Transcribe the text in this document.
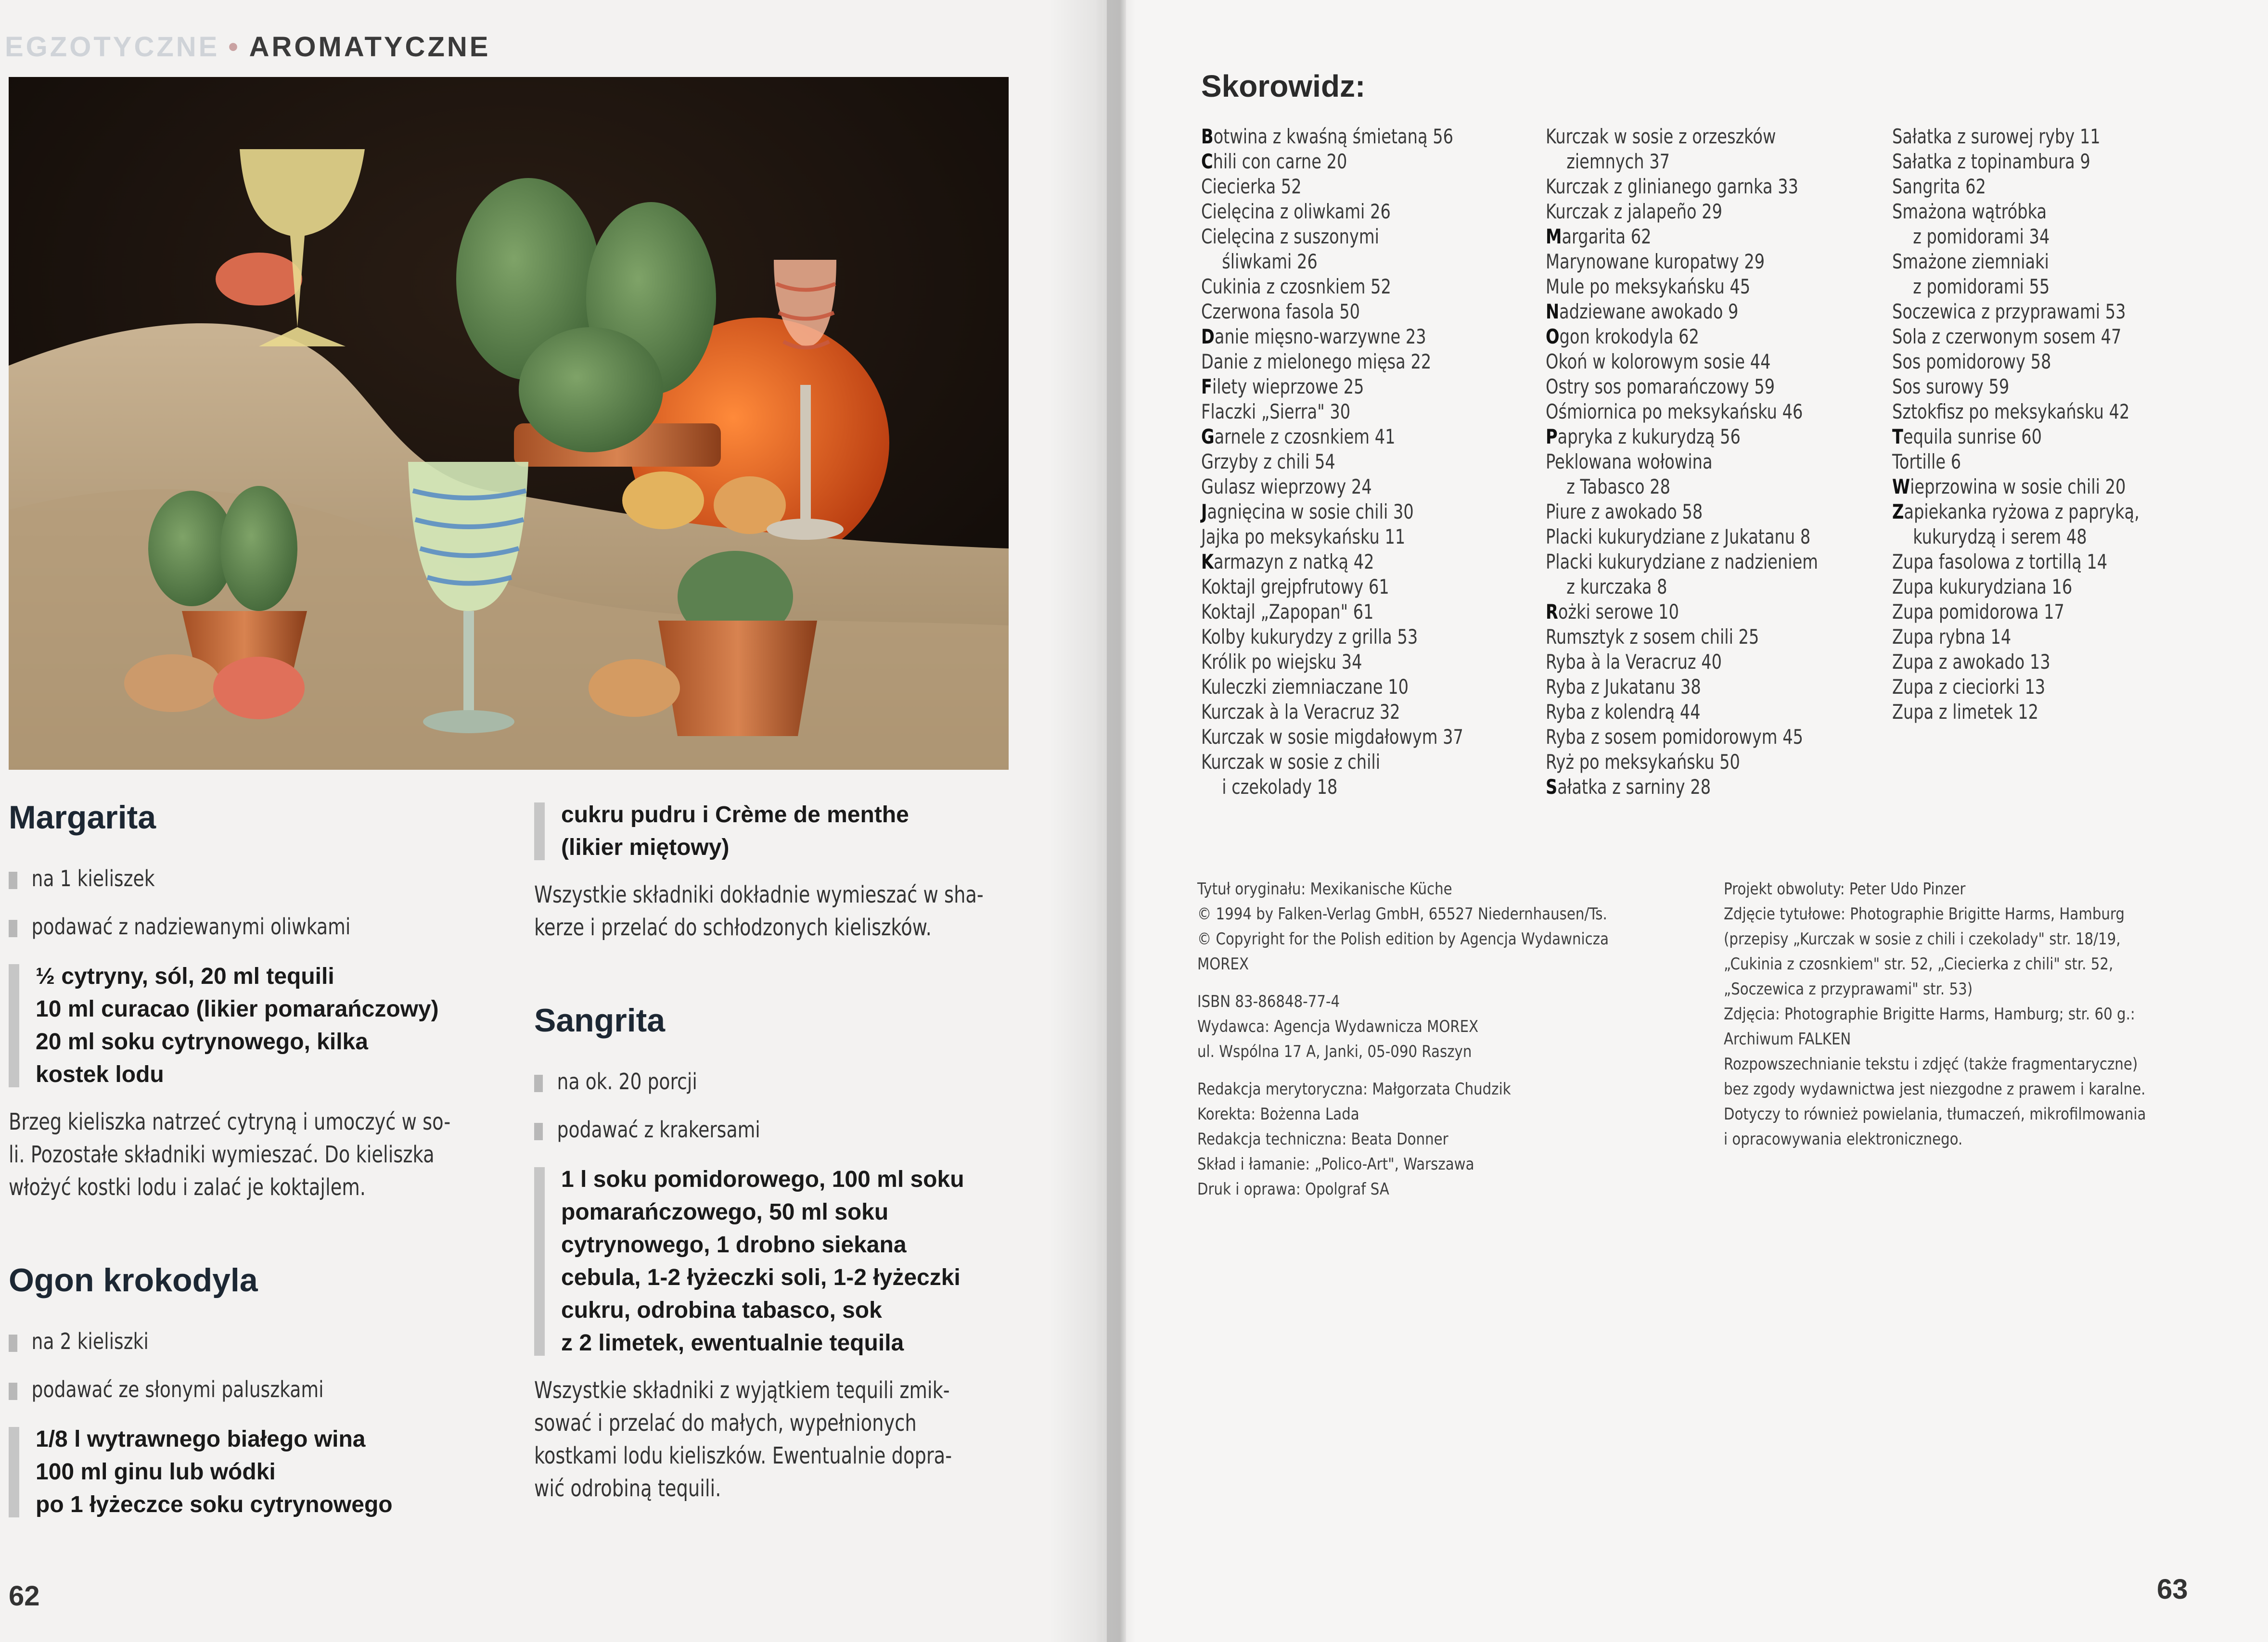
EGZOTYCZNE • AROMATYCZNE
Margarita
na 1 kieliszek
podawać z nadziewanymi oliwkami
½ cytryny, sól, 20 ml tequili
10 ml curacao (likier pomarańczowy)
20 ml soku cytrynowego, kilka
kostek lodu
Brzeg kieliszka natrzeć cytryną i umoczyć w so-
li. Pozostałe składniki wymieszać. Do kieliszka
włożyć kostki lodu i zalać je koktajlem.
Ogon krokodyla
na 2 kieliszki
podawać ze słonymi paluszkami
1/8 l wytrawnego białego wina
100 ml ginu lub wódki
po 1 łyżeczce soku cytrynowego
cukru pudru i Crème de menthe
(likier miętowy)
Wszystkie składniki dokładnie wymieszać w sha-
kerze i przelać do schłodzonych kieliszków.
Sangrita
na ok. 20 porcji
podawać z krakersami
1 l soku pomidorowego, 100 ml soku
pomarańczowego, 50 ml soku
cytrynowego, 1 drobno siekana
cebula, 1-2 łyżeczki soli, 1-2 łyżeczki
cukru, odrobina tabasco, sok
z 2 limetek, ewentualnie tequila
Wszystkie składniki z wyjątkiem tequili zmik-
sować i przelać do małych, wypełnionych
kostkami lodu kieliszków. Ewentualnie dopra-
wić odrobiną tequili.
62
Skorowidz:
Botwina z kwaśną śmietaną 56
Chili con carne 20
Ciecierka 52
Cielęcina z oliwkami 26
Cielęcina z suszonymi
śliwkami 26
Cukinia z czosnkiem 52
Czerwona fasola 50
Danie mięsno-warzywne 23
Danie z mielonego mięsa 22
Filety wieprzowe 25
Flaczki „Sierra" 30
Garnele z czosnkiem 41
Grzyby z chili 54
Gulasz wieprzowy 24
Jagnięcina w sosie chili 30
Jajka po meksykańsku 11
Karmazyn z natką 42
Koktajl grejpfrutowy 61
Koktajl „Zapopan" 61
Kolby kukurydzy z grilla 53
Królik po wiejsku 34
Kuleczki ziemniaczane 10
Kurczak à la Veracruz 32
Kurczak w sosie migdałowym 37
Kurczak w sosie z chili
i czekolady 18
Kurczak w sosie z orzeszków
ziemnych 37
Kurczak z glinianego garnka 33
Kurczak z jalapeño 29
Margarita 62
Marynowane kuropatwy 29
Mule po meksykańsku 45
Nadziewane awokado 9
Ogon krokodyla 62
Okoń w kolorowym sosie 44
Ostry sos pomarańczowy 59
Ośmiornica po meksykańsku 46
Papryka z kukurydzą 56
Peklowana wołowina
z Tabasco 28
Piure z awokado 58
Placki kukurydziane z Jukatanu 8
Placki kukurydziane z nadzieniem
z kurczaka 8
Rożki serowe 10
Rumsztyk z sosem chili 25
Ryba à la Veracruz 40
Ryba z Jukatanu 38
Ryba z kolendrą 44
Ryba z sosem pomidorowym 45
Ryż po meksykańsku 50
Sałatka z sarniny 28
Sałatka z surowej ryby 11
Sałatka z topinambura 9
Sangrita 62
Smażona wątróbka
z pomidorami 34
Smażone ziemniaki
z pomidorami 55
Soczewica z przyprawami 53
Sola z czerwonym sosem 47
Sos pomidorowy 58
Sos surowy 59
Sztokfisz po meksykańsku 42
Tequila sunrise 60
Tortille 6
Wieprzowina w sosie chili 20
Zapiekanka ryżowa z papryką,
kukurydzą i serem 48
Zupa fasolowa z tortillą 14
Zupa kukurydziana 16
Zupa pomidorowa 17
Zupa rybna 14
Zupa z awokado 13
Zupa z cieciorki 13
Zupa z limetek 12
Tytuł oryginału: Mexikanische Küche
© 1994 by Falken-Verlag GmbH, 65527 Niedernhausen/Ts.
© Copyright for the Polish edition by Agencja Wydawnicza
MOREX
ISBN 83-86848-77-4
Wydawca: Agencja Wydawnicza MOREX
ul. Wspólna 17 A, Janki, 05-090 Raszyn
Redakcja merytoryczna: Małgorzata Chudzik
Korekta: Bożenna Lada
Redakcja techniczna: Beata Donner
Skład i łamanie: „Polico-Art", Warszawa
Druk i oprawa: Opolgraf SA
Projekt obwoluty: Peter Udo Pinzer
Zdjęcie tytułowe: Photographie Brigitte Harms, Hamburg
(przepisy „Kurczak w sosie z chili i czekolady" str. 18/19,
„Cukinia z czosnkiem" str. 52, „Ciecierka z chili" str. 52,
„Soczewica z przyprawami" str. 53)
Zdjęcia: Photographie Brigitte Harms, Hamburg; str. 60 g.:
Archiwum FALKEN
Rozpowszechnianie tekstu i zdjęć (także fragmentaryczne)
bez zgody wydawnictwa jest niezgodne z prawem i karalne.
Dotyczy to również powielania, tłumaczeń, mikrofilmowania
i opracowywania elektronicznego.
63
